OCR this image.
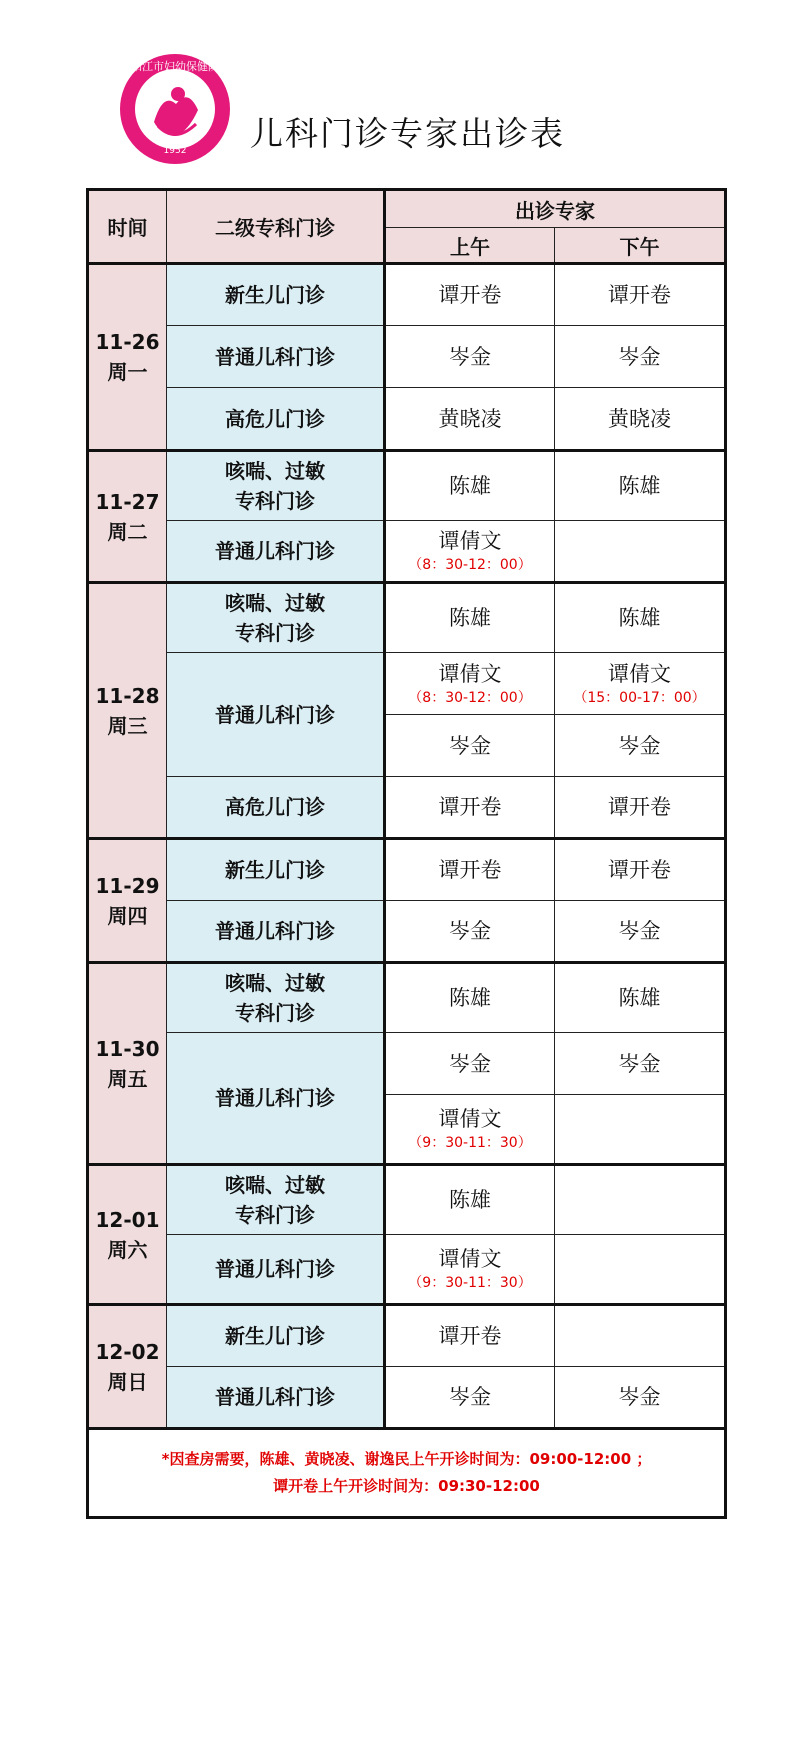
1952
阳江市妇幼保健院
儿科门诊专家出诊表
时间	二级专科门诊	出诊专家	
		上午	下午
11-26
周一	新生儿门诊	谭开卷	谭开卷

	普通儿科门诊	岑金	岑金

	高危儿门诊	黄晓凌	黄晓凌

11-27
周二	咳喘、过敏
专科门诊	陈雄	陈雄

	普通儿科门诊	谭倩文
（8：30-12：00）	

11-28
周三	咳喘、过敏
专科门诊	陈雄	陈雄

	普通儿科门诊	谭倩文
（8：30-12：00）	谭倩文
（15：00-17：00）

		岑金	岑金

	高危儿门诊	谭开卷	谭开卷

11-29
周四	新生儿门诊	谭开卷	谭开卷

	普通儿科门诊	岑金	岑金

11-30
周五	咳喘、过敏
专科门诊	陈雄	陈雄

	普通儿科门诊	岑金	岑金

		谭倩文
（9：30-11：30）	

12-01
周六	咳喘、过敏
专科门诊	陈雄	

	普通儿科门诊	谭倩文
（9：30-11：30）	

12-02
周日	新生儿门诊	谭开卷	

	普通儿科门诊	岑金	岑金

*因查房需要，陈雄、黄晓凌、谢逸民上午开诊时间为：09:00-12:00 ；
谭开卷上午开诊时间为：09:30-12:00			
